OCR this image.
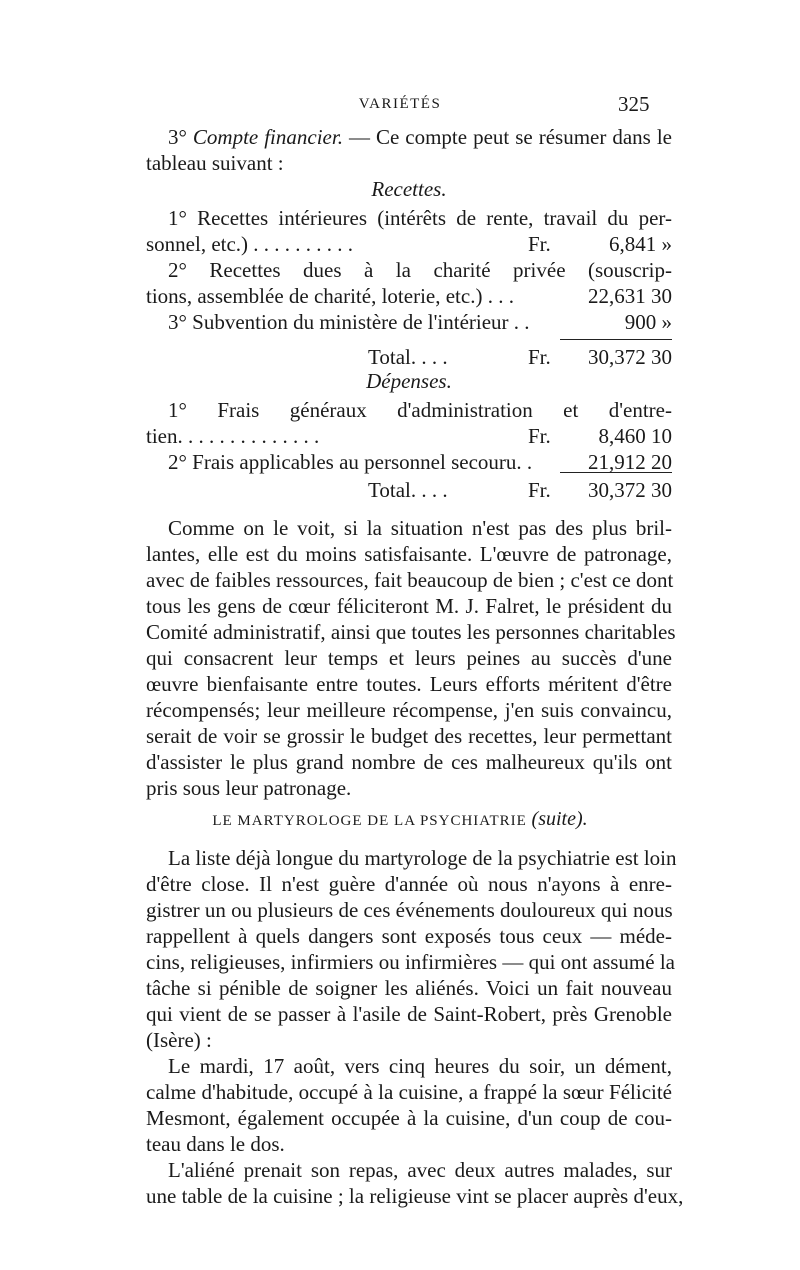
VARIÉTÉS	325
3° Compte financier. — Ce compte peut se résumer dans le
tableau suivant :
Recettes.
1° Recettes intérieures (intérêts de rente, travail du per-
sonnel, etc.) . . . . . . . . . .	Fr.	6,841 »
2° Recettes dues à la charité privée (souscrip-
tions, assemblée de charité, loterie, etc.) . . .	22,631 30
3° Subvention du ministère de l'intérieur . .	900 »
Total. . . .	Fr.	30,372 30
Dépenses.
1° Frais généraux d'administration et d'entre-
tien. . . . . . . . . . . . . .	Fr.	8,460 10
2° Frais applicables au personnel secouru. .	21,912 20
Total. . . .	Fr.	30,372 30
Comme on le voit, si la situation n'est pas des plus bril-
lantes, elle est du moins satisfaisante. L'œuvre de patronage,
avec de faibles ressources, fait beaucoup de bien ; c'est ce dont
tous les gens de cœur féliciteront M. J. Falret, le président du
Comité administratif, ainsi que toutes les personnes charitables
qui consacrent leur temps et leurs peines au succès d'une
œuvre bienfaisante entre toutes. Leurs efforts méritent d'être
récompensés; leur meilleure récompense, j'en suis convaincu,
serait de voir se grossir le budget des recettes, leur permettant
d'assister le plus grand nombre de ces malheureux qu'ils ont
pris sous leur patronage.
LE MARTYROLOGE DE LA PSYCHIATRIE (suite).
La liste déjà longue du martyrologe de la psychiatrie est loin
d'être close. Il n'est guère d'année où nous n'ayons à enre-
gistrer un ou plusieurs de ces événements douloureux qui nous
rappellent à quels dangers sont exposés tous ceux — méde-
cins, religieuses, infirmiers ou infirmières — qui ont assumé la
tâche si pénible de soigner les aliénés. Voici un fait nouveau
qui vient de se passer à l'asile de Saint-Robert, près Grenoble
(Isère) :
Le mardi, 17 août, vers cinq heures du soir, un dément,
calme d'habitude, occupé à la cuisine, a frappé la sœur Félicité
Mesmont, également occupée à la cuisine, d'un coup de cou-
teau dans le dos.
L'aliéné prenait son repas, avec deux autres malades, sur
une table de la cuisine ; la religieuse vint se placer auprès d'eux,
